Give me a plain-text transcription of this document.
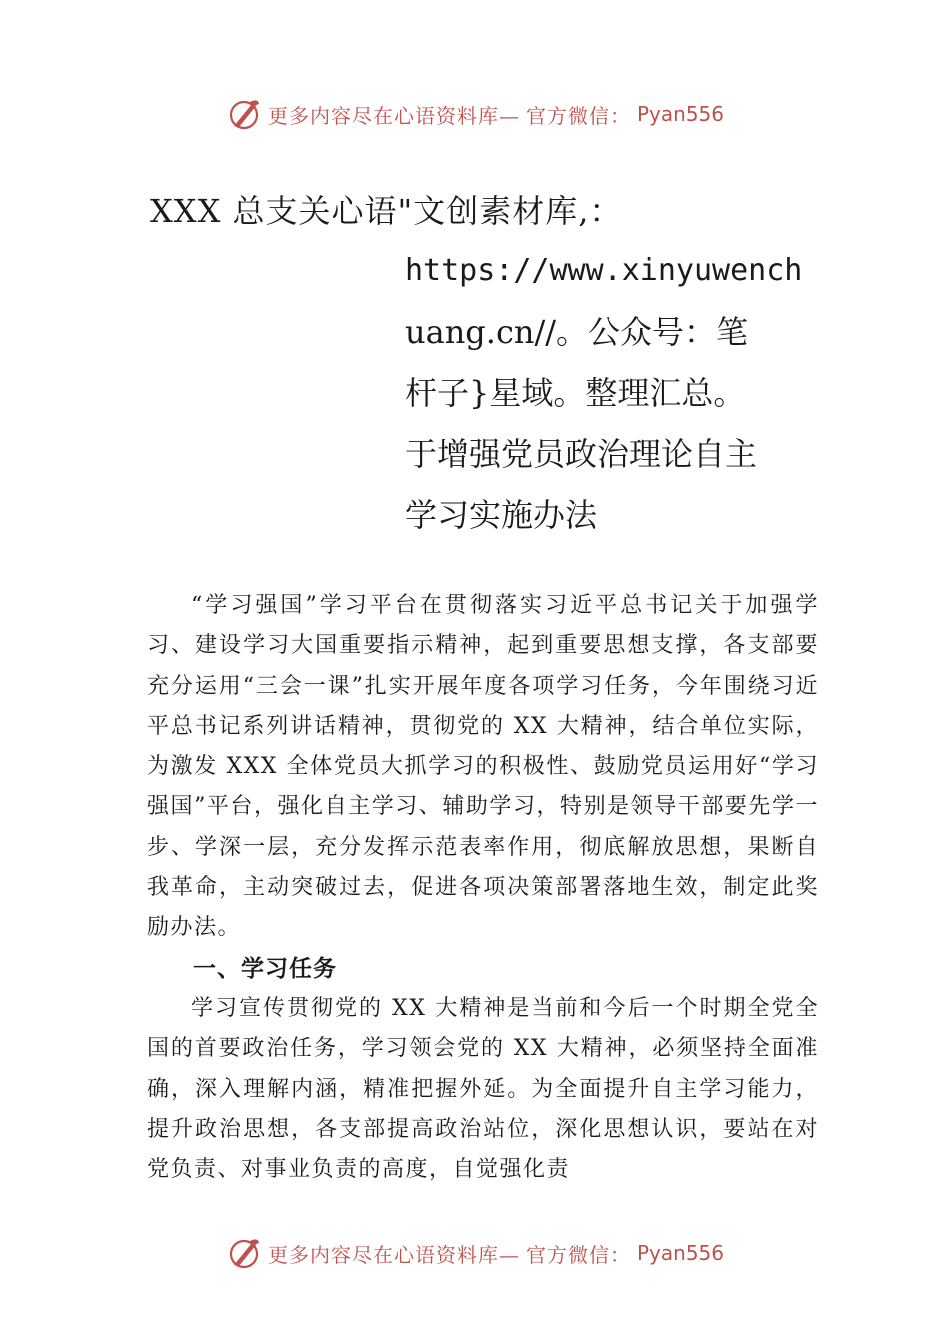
更多内容尽在心语资料库— 官方微信： Pyan556
XXX 总支关心语"文创素材库,：
https://www.xinyuwench
uang.cn//。公众号：笔
杆子}星域。整理汇总。
于增强党员政治理论自主
学习实施办法

“学习强国”学习平台在贯彻落实习近平总书记关于加强学习、建设学习大国重要指示精神，起到重要思想支撑，各支部要充分运用“三会一课”扎实开展年度各项学习任务，今年围绕习近平总书记系列讲话精神，贯彻党的 XX 大精神，结合单位实际，为激发 XXX 全体党员大抓学习的积极性、鼓励党员运用好“学习强国”平台，强化自主学习、辅助学习，特别是领导干部要先学一步、学深一层，充分发挥示范表率作用，彻底解放思想，果断自我革命，主动突破过去，促进各项决策部署落地生效，制定此奖励办法。

一、学习任务

学习宣传贯彻党的 XX 大精神是当前和今后一个时期全党全国的首要政治任务，学习领会党的 XX 大精神，必须坚持全面准确，深入理解内涵，精准把握外延。为全面提升自主学习能力，提升政治思想，各支部提高政治站位，深化思想认识，要站在对党负责、对事业负责的高度，自觉强化责

更多内容尽在心语资料库— 官方微信： Pyan556
